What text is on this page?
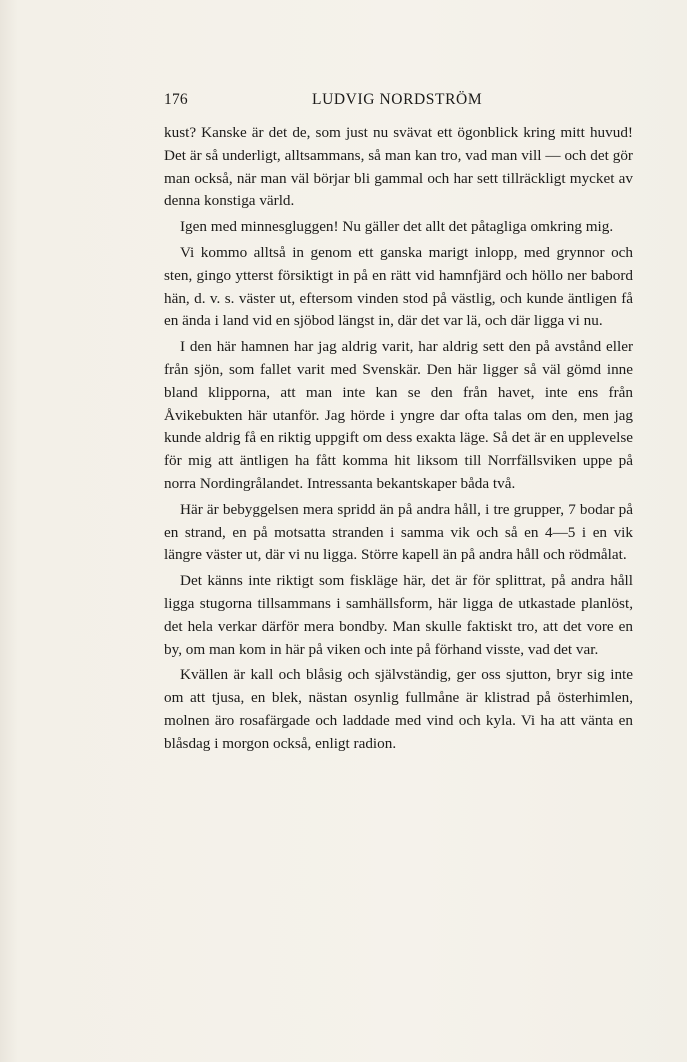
176	LUDVIG NORDSTRÖM

kust? Kanske är det de, som just nu svävat ett ögonblick kring mitt huvud! Det är så underligt, alltsammans, så man kan tro, vad man vill — och det gör man också, när man väl börjar bli gammal och har sett tillräckligt mycket av denna konstiga värld.

Igen med minnesgluggen! Nu gäller det allt det påtagliga omkring mig.

Vi kommo alltså in genom ett ganska marigt inlopp, med grynnor och sten, gingo ytterst försiktigt in på en rätt vid hamnfjärd och höllo ner babord hän, d. v. s. väster ut, eftersom vinden stod på västlig, och kunde äntligen få en ända i land vid en sjöbod längst in, där det var lä, och där ligga vi nu.

I den här hamnen har jag aldrig varit, har aldrig sett den på avstånd eller från sjön, som fallet varit med Svenskär. Den här ligger så väl gömd inne bland klipporna, att man inte kan se den från havet, inte ens från Åvikebukten här utanför. Jag hörde i yngre dar ofta talas om den, men jag kunde aldrig få en riktig uppgift om dess exakta läge. Så det är en upplevelse för mig att äntligen ha fått komma hit liksom till Norrfällsviken uppe på norra Nordingrålandet. Intressanta bekantskaper båda två.

Här är bebyggelsen mera spridd än på andra håll, i tre grupper, 7 bodar på en strand, en på motsatta stranden i samma vik och så en 4—5 i en vik längre väster ut, där vi nu ligga. Större kapell än på andra håll och rödmålat.

Det känns inte riktigt som fiskläge här, det är för splittrat, på andra håll ligga stugorna tillsammans i samhällsform, här ligga de utkastade planlöst, det hela verkar därför mera bondby. Man skulle faktiskt tro, att det vore en by, om man kom in här på viken och inte på förhand visste, vad det var.

Kvällen är kall och blåsig och självständig, ger oss sjutton, bryr sig inte om att tjusa, en blek, nästan osynlig fullmåne är klistrad på österhimlen, molnen äro rosafärgade och laddade med vind och kyla. Vi ha att vänta en blåsdag i morgon också, enligt radion.
